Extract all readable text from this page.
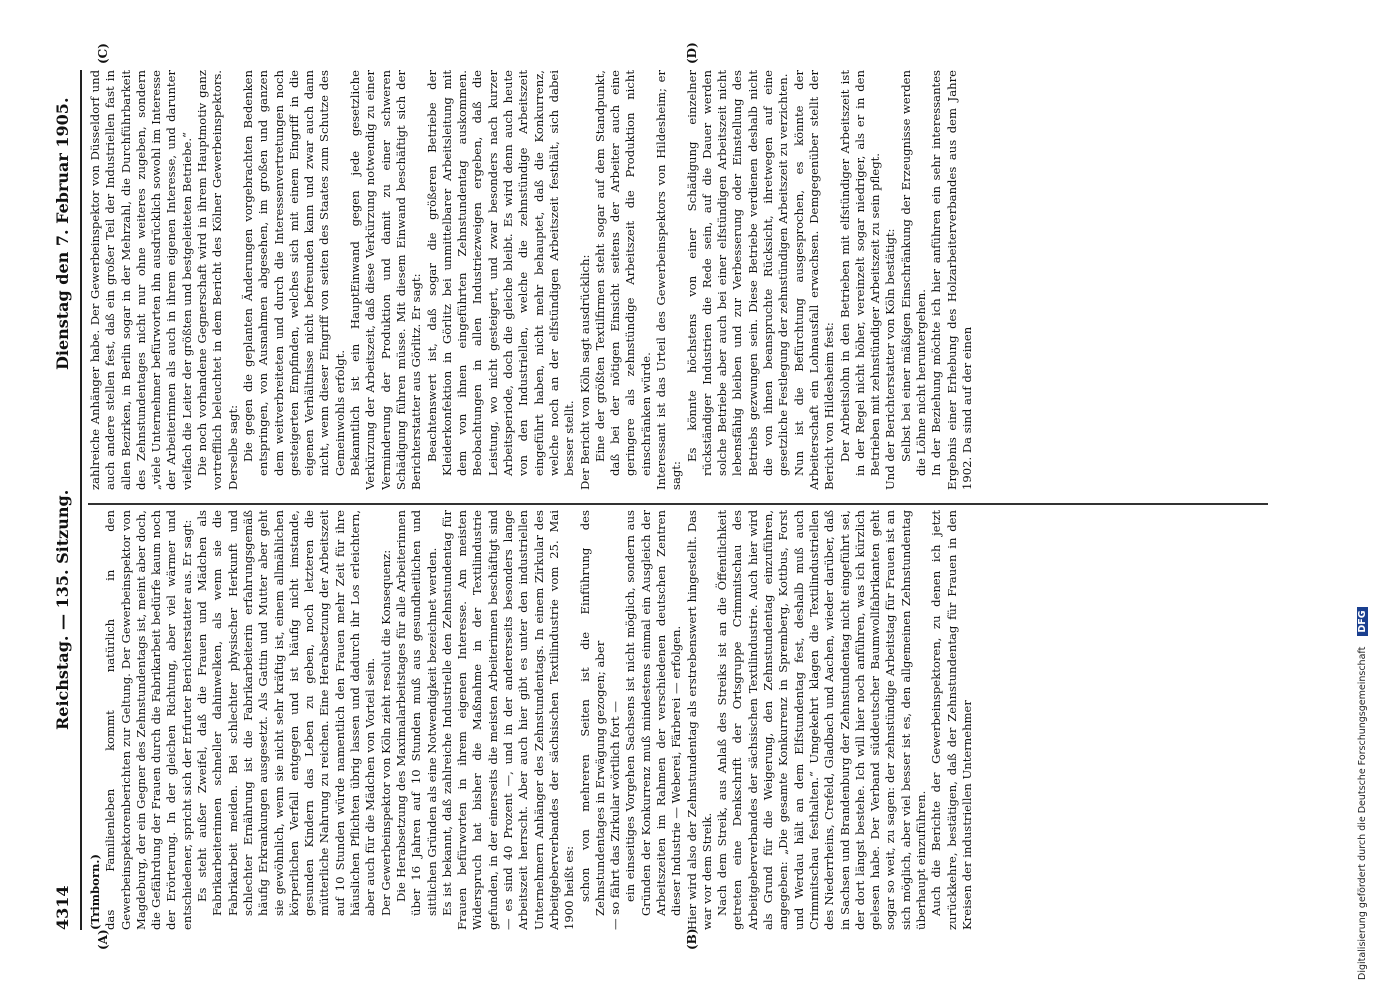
4314
Reichstag. — 135. Sitzung.
Dienstag den 7. Februar 1905.
(A)	(B)
(C)	(D)

(Trimborn.) das Familienleben kommt natürlich in den Gewerbeinspektorenberichten zur Geltung. Der Gewerbeinspektor von Magdeburg, der ein Gegner des Zehnstundentags ist, meint aber doch, die Gefährdung der Frauen durch die Fabrikarbeit bedürfe kaum noch der Erörterung. In der gleichen Richtung, aber viel wärmer und entschiedener, spricht sich der Erfurter Berichterstatter aus. Er sagt: Es steht außer Zweifel, daß die Frauen und Mädchen als Fabrikarbeiterinnen schneller dahinwelken, als wenn sie die Fabrikarbeit meiden. Bei schlechter physischer Herkunft und schlechter Ernährung ist die Fabrikarbeiterin erfahrungsgemäß häufig Erkrankungen ausgesetzt. Als Gattin und Mutter aber geht sie gewöhnlich, wenn sie nicht sehr kräftig ist, einem allmählichen körperlichen Verfall entgegen und ist häufig nicht imstande, gesunden Kindern das Leben zu geben, noch letzteren die mütterliche Nahrung zu reichen. Eine Herabsetzung der Arbeitszeit auf 10 Stunden würde namentlich den Frauen mehr Zeit für ihre häuslichen Pflichten übrig lassen und dadurch ihr Los erleichtern, aber auch für die Mädchen von Vorteil sein. Der Gewerbeinspektor von Köln zieht resolut die Konsequenz: Die Herabsetzung des Maximalarbeitstages für alle Arbeiterinnen über 16 Jahren auf 10 Stunden muß aus gesundheitlichen und sittlichen Gründen als eine Notwendigkeit bezeichnet werden. Es ist bekannt, daß zahlreiche Industrielle den Zehnstundentag für Frauen befürworten in ihrem eigenen Interesse. Am meisten Widerspruch hat bisher die Maßnahme in der Textilindustrie gefunden, in der einerseits die meisten Arbeiterinnen beschäftigt sind — es sind 40 Prozent —, und in der andererseits besonders lange Arbeitszeit herrscht. Aber auch hier gibt es unter den industriellen Unternehmern Anhänger des Zehnstundentags. In einem Zirkular des Arbeitgeberverbandes der sächsischen Textilindustrie vom 25. Mai 1900 heißt es: schon von mehreren Seiten ist die Einführung des Zehnstundentages in Erwägung gezogen; aber — so fährt das Zirkular wörtlich fort — ein einseitiges Vorgehen Sachsens ist nicht möglich, sondern aus Gründen der Konkurrenz muß mindestens einmal ein Ausgleich der Arbeitszeiten im Rahmen der verschiedenen deutschen Zentren dieser Industrie — Weberei, Färberei — erfolgen. Hier wird also der Zehnstundentag als erstrebenswert hingestellt. Das war vor dem Streik. Nach dem Streik, aus Anlaß des Streiks ist an die Öffentlichkeit getreten eine Denkschrift der Ortsgruppe Crimmitschau des Arbeitgeberverbandes der sächsischen Textilindustrie. Auch hier wird als Grund für die Weigerung, den Zehnstundentag einzuführen, angegeben: „Die gesamte Konkurrenz in Spremberg, Kottbus, Forst und Werdau hält an dem Elfstundentag fest, deshalb muß auch Crimmitschau festhalten.“ Umgekehrt klagen die Textilindustriellen des Niederrheins, Crefeld, Gladbach und Aachen, wieder darüber, daß in Sachsen und Brandenburg der Zehnstundentag nicht eingeführt sei, der dort längst bestehe. Ich will hier noch anführen, was ich kürzlich gelesen habe. Der Verband süddeutscher Baumwollfabrikanten geht sogar so weit, zu sagen: der zehnstündige Arbeitstag für Frauen ist an sich möglich, aber viel besser ist es, den allgemeinen Zehnstundentag überhaupt einzuführen. Auch die Berichte der Gewerbeinspektoren, zu denen ich jetzt zurückkehre, bestätigen, daß der Zehnstundentag für Frauen in den Kreisen der industriellen Unternehmer

zahlreiche Anhänger habe. Der Gewerbeinspektor von Düsseldorf und auch andere stellen fest, daß ein großer Teil der Industriellen fast in allen Bezirken, in Berlin sogar in der Mehrzahl, die Durchführbarkeit des Zehnstundentages nicht nur ohne weiteres zugeben, sondern „viele Unternehmer befürworten ihn ausdrücklich sowohl im Interesse der Arbeiterinnen als auch in ihrem eigenen Interesse, und darunter vielfach die Leiter der größten und bestgeleiteten Betriebe.“ Die noch vorhandene Gegnerschaft wird in ihrem Hauptmotiv ganz vortrefflich beleuchtet in dem Bericht des Kölner Gewerbeinspektors. Derselbe sagt: Die gegen die geplanten Änderungen vorgebrachten Bedenken entspringen, von Ausnahmen abgesehen, im großen und ganzen dem weitverbreiteten und durch die Interessenvertretungen noch gesteigerten Empfinden, welches sich mit einem Eingriff in die eigenen Verhältnisse nicht befreunden kann und zwar auch dann nicht, wenn dieser Eingriff von seiten des Staates zum Schutze des Gemeinwohls erfolgt. Bekanntlich ist ein HauptEinwand gegen jede gesetzliche Verkürzung der Arbeitszeit, daß diese Verkürzung notwendig zu einer Verminderung der Produktion und damit zu einer schweren Schädigung führen müsse. Mit diesem Einwand beschäftigt sich der Berichterstatter aus Görlitz. Er sagt: Beachtenswert ist, daß sogar die größeren Betriebe der Kleiderkonfektion in Görlitz bei unmittelbarer Arbeitsleitung mit dem von ihnen eingeführten Zehnstundentag auskommen. Beobachtungen in allen Industriezweigen ergeben, daß die Leistung, wo nicht gesteigert, und zwar besonders nach kurzer Arbeitsperiode, doch die gleiche bleibt. Es wird denn auch heute von den Industriellen, welche die zehnstündige Arbeitszeit eingeführt haben, nicht mehr behauptet, daß die Konkurrenz, welche noch an der elfstündigen Arbeitszeit festhält, sich dabei besser stellt. Der Bericht von Köln sagt ausdrücklich: Eine der größten Textilfirmen steht sogar auf dem Standpunkt, daß bei der nötigen Einsicht seitens der Arbeiter auch eine geringere als zehnstündige Arbeitszeit die Produktion nicht einschränken würde. Interessant ist das Urteil des Gewerbeinspektors von Hildesheim; er sagt:

Es könnte höchstens von einer Schädigung einzelner rückständiger Industrien die Rede sein, auf die Dauer werden solche Betriebe aber auch bei einer elfstündigen Arbeitszeit nicht lebensfähig bleiben und zur Verbesserung oder Einstellung des Betriebs gezwungen sein. Diese Betriebe verdienen deshalb nicht die von ihnen beanspruchte Rücksicht, ihretwegen auf eine gesetzliche Festlegung der zehnstündigen Arbeitszeit zu verzichten. Nun ist die Befürchtung ausgesprochen, es könnte der Arbeiterschaft ein Lohnausfall erwachsen. Demgegenüber stellt der Bericht von Hildesheim fest: Der Arbeitslohn in den Betrieben mit elfstündiger Arbeitszeit ist in der Regel nicht höher, vereinzelt sogar niedriger, als er in den Betrieben mit zehnstündiger Arbeitszeit zu sein pflegt. Und der Berichterstatter von Köln bestätigt: Selbst bei einer mäßigen Einschränkung der Erzeugnisse werden die Löhne nicht heruntergehen. In der Beziehung möchte ich hier anführen ein sehr interessantes Ergebnis einer Erhebung des Holzarbeiterverbandes aus dem Jahre 1902. Da sind auf der einen

Digitalisierung gefördert durch die Deutsche Forschungsgemeinschaft DFG
